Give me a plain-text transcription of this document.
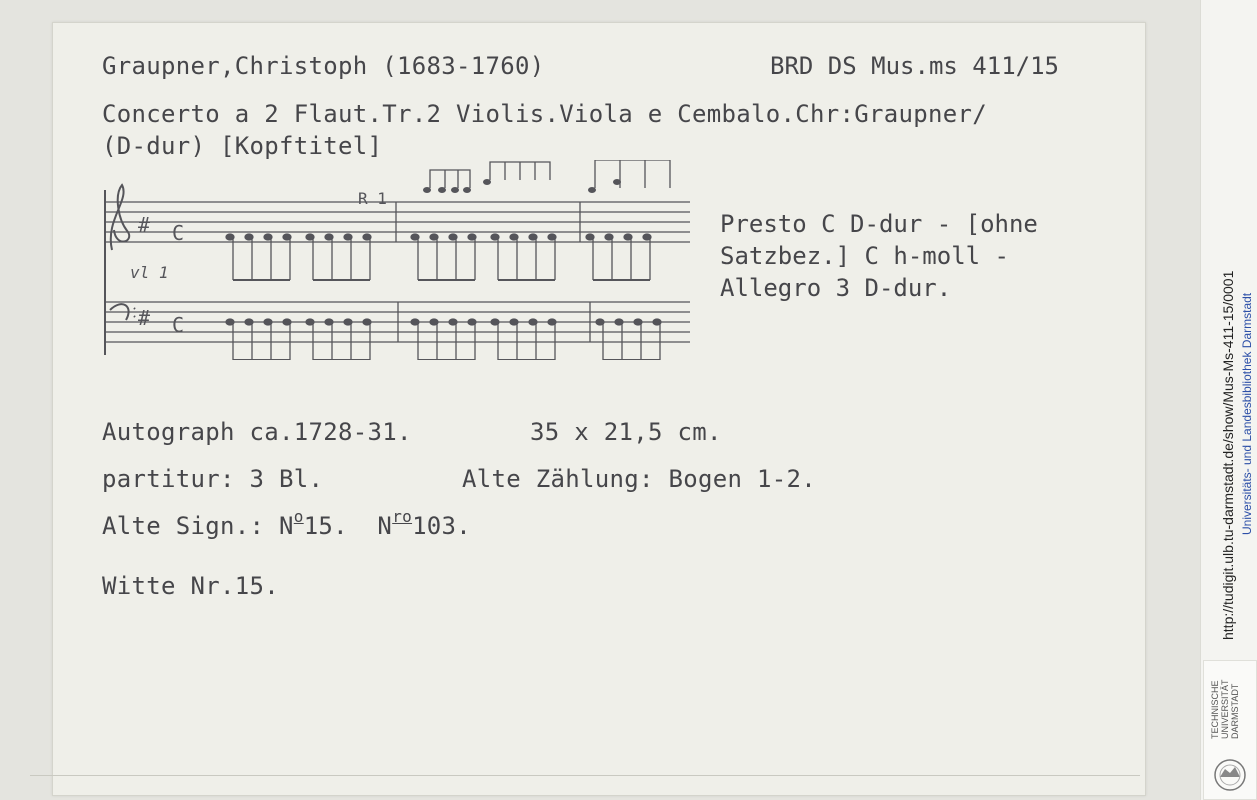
Graupner,Christoph (1683-1760)	BRD DS Mus.ms 411/15
Concerto a 2 Flaut.Tr.2 Violis.Viola e Cembalo.Chr:Graupner/
(D-dur) [Kopftitel]
#
#
C
C
vl 1
R 1
Presto C D-dur - [ohne
Satzbez.] C h-moll -
Allegro 3 D-dur.
Autograph ca.1728-31.	35 x 21,5 cm.
partitur: 3 Bl.	Alte Zählung: Bogen 1-2.
Alte Sign.: $N^o15$.  $N^{ro}103$.
Witte Nr.15.	http://tudigit.ulb.tu-darmstadt.de/show/Mus-Ms-411-15/0001 Universitäts- und Landesbibliothek Darmstadt
TECHNISCHE
UNIVERSITÄT
DARMSTADT
